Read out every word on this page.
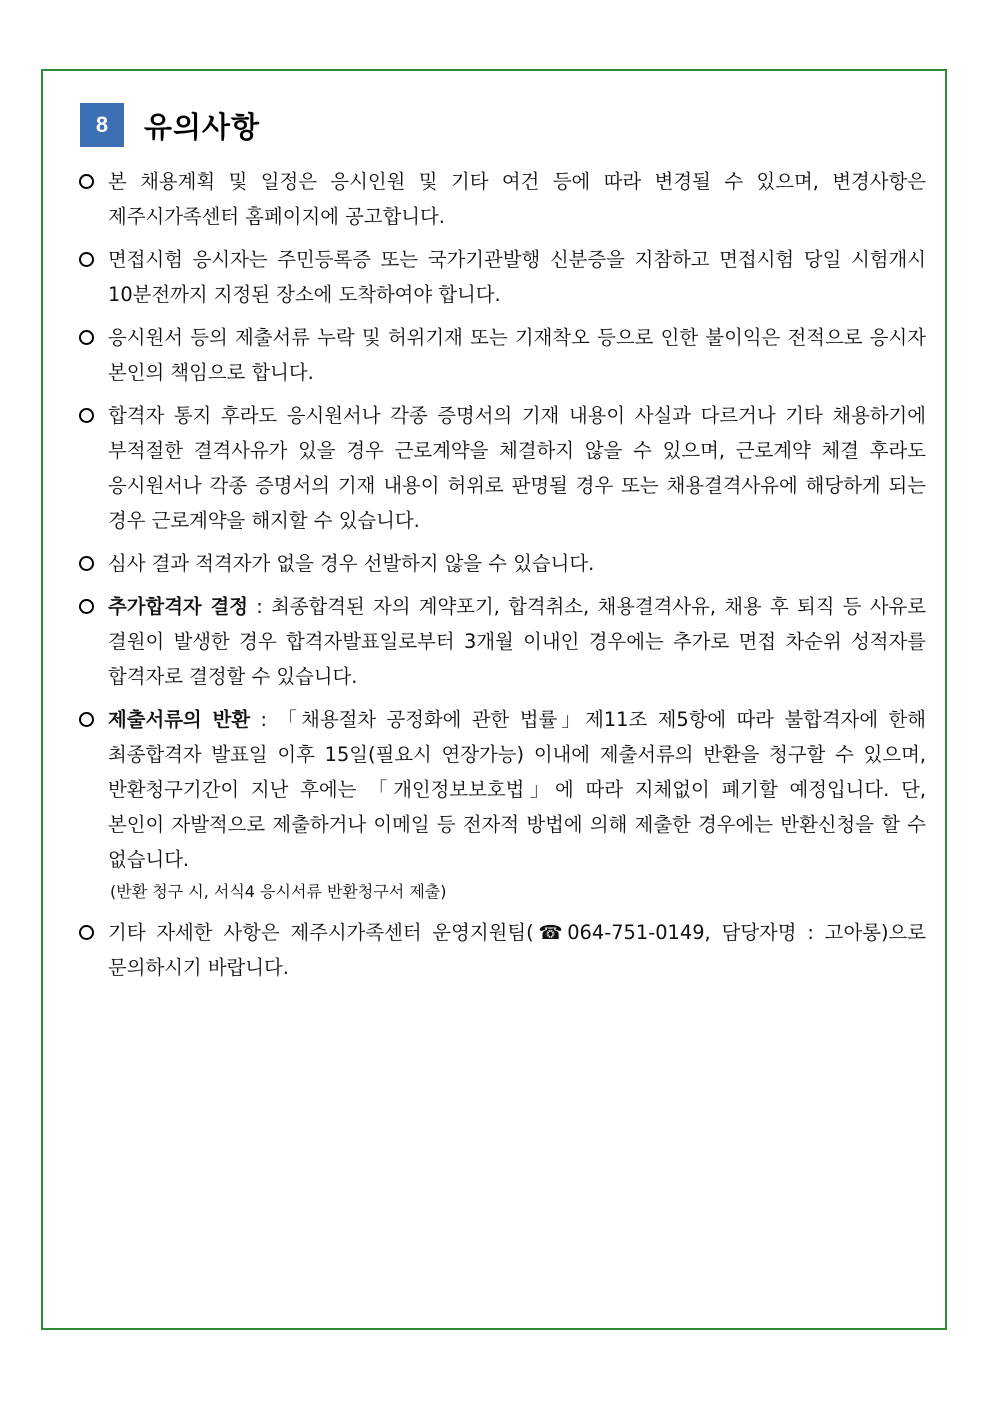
8	유의사항
본 채용계획 및 일정은 응시인원 및 기타 여건 등에 따라 변경될 수 있으며, 변경사항은 제주시가족센터 홈페이지에 공고합니다.
면접시험 응시자는 주민등록증 또는 국가기관발행 신분증을 지참하고 면접시험 당일 시험개시 10분전까지 지정된 장소에 도착하여야 합니다.
응시원서 등의 제출서류 누락 및 허위기재 또는 기재착오 등으로 인한 불이익은 전적으로 응시자 본인의 책임으로 합니다.
합격자 통지 후라도 응시원서나 각종 증명서의 기재 내용이 사실과 다르거나 기타 채용하기에 부적절한 결격사유가 있을 경우 근로계약을 체결하지 않을 수 있으며, 근로계약 체결 후라도 응시원서나 각종 증명서의 기재 내용이 허위로 판명될 경우 또는 채용결격사유에 해당하게 되는 경우 근로계약을 해지할 수 있습니다.
심사 결과 적격자가 없을 경우 선발하지 않을 수 있습니다.
추가합격자 결정 : 최종합격된 자의 계약포기, 합격취소, 채용결격사유, 채용 후 퇴직 등 사유로 결원이 발생한 경우 합격자발표일로부터 3개월 이내인 경우에는 추가로 면접 차순위 성적자를 합격자로 결정할 수 있습니다.
제출서류의 반환 : 「채용절차 공정화에 관한 법률」제11조 제5항에 따라 불합격자에 한해 최종합격자 발표일 이후 15일(필요시 연장가능) 이내에 제출서류의 반환을 청구할 수 있으며, 반환청구기간이 지난 후에는 「개인정보보호법」에 따라 지체없이 폐기할 예정입니다. 단, 본인이 자발적으로 제출하거나 이메일 등 전자적 방법에 의해 제출한 경우에는 반환신청을 할 수 없습니다.
(반환 청구 시, 서식4 응시서류 반환청구서 제출)
기타 자세한 사항은 제주시가족센터 운영지원팀(☎064-751-0149, 담당자명 : 고아롱)으로 문의하시기 바랍니다.
